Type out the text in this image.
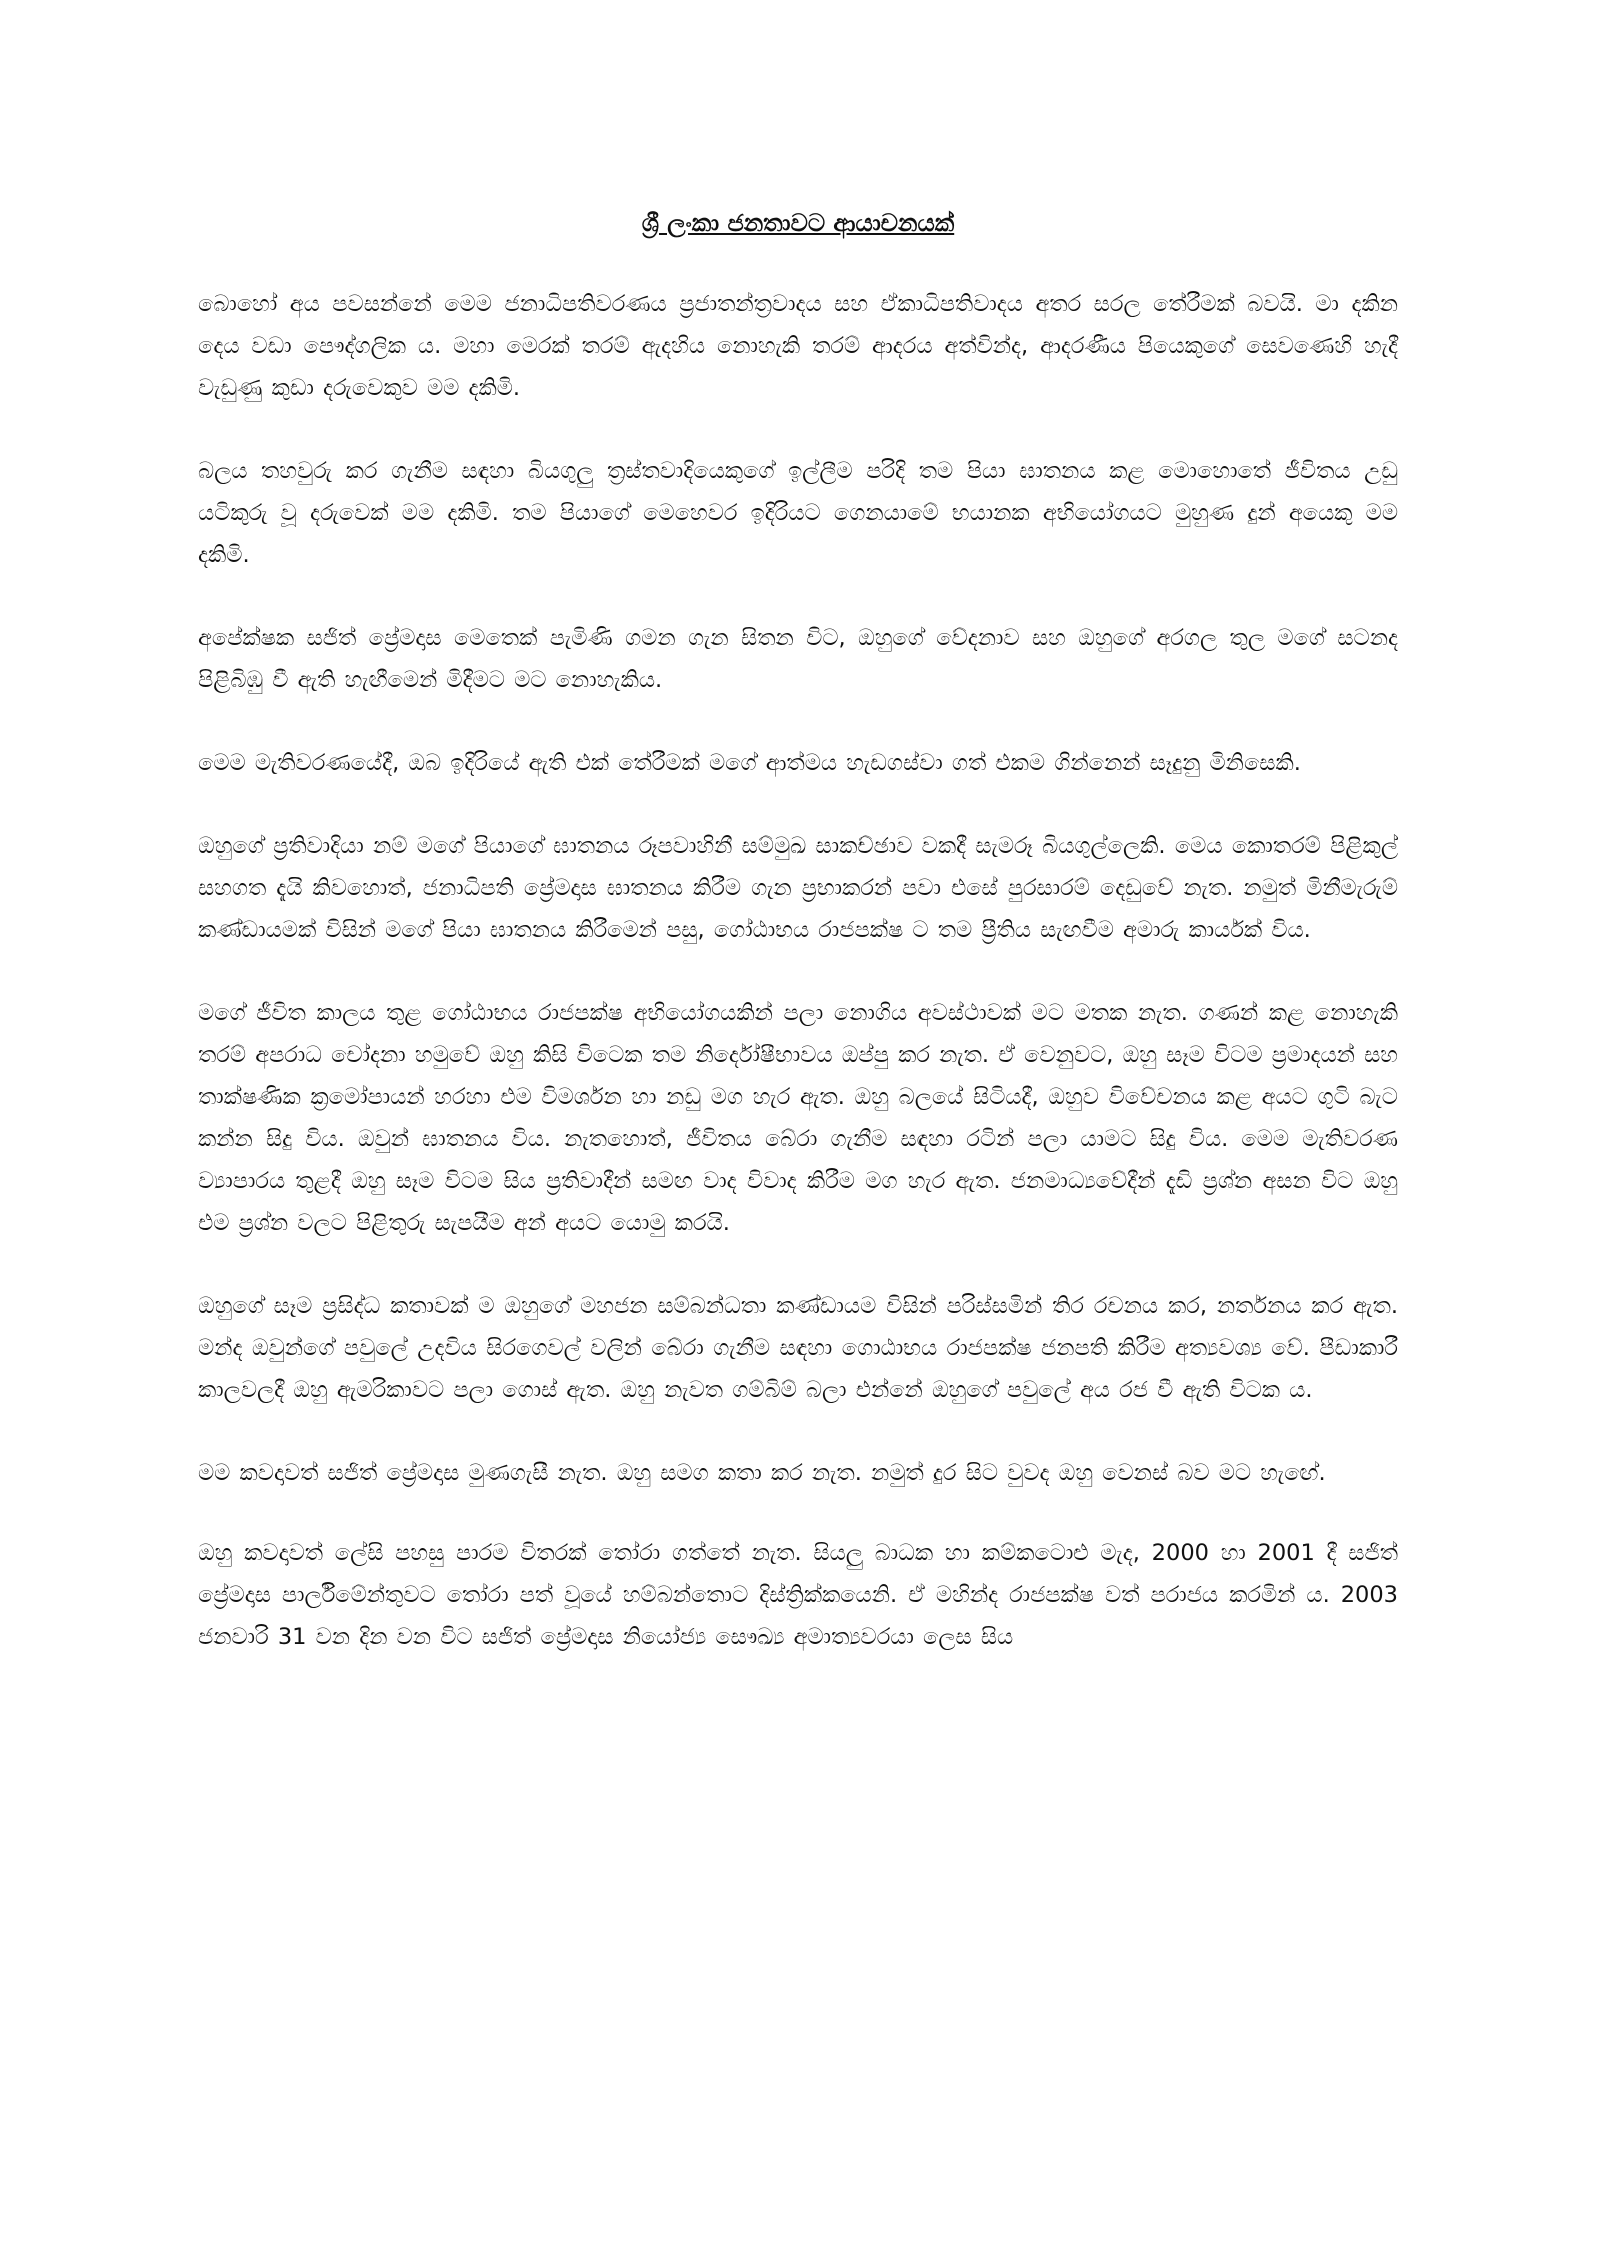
ශ්‍රී ලංකා ජනතාවට ආයාචනයක්

බොහෝ අය පවසන්නේ මෙම ජනාධිපතිවරණය ප්‍රජාතන්ත්‍රවාදය සහ ඒකාධිපතිවාදය අතර සරල තේරීමක් බවයි. මා දකින දෙය වඩා පෞද්ගලික ය. මහා මෙරක් තරම් ඇදහිය නොහැකි තරම් ආදරය අත්වින්ද, ආදරණීය පියෙකුගේ සෙවණෙහි හැදී වැඩුණු කුඩා දරුවෙකුව මම දකිමි.

බලය තහවුරු කර ගැනීම සඳහා බියගුලු ත්‍රස්තවාදියෙකුගේ ඉල්ලීම පරිදි තම පියා ඝාතනය කළ මොහොතේ ජීවිතය උඩු යටිකුරු වූ දරුවෙක් මම දකිමි. තම පියාගේ මෙහෙවර ඉදිරියට ගෙනයාමේ භයානක අභියෝගයට මුහුණ දුන් අයෙකු මම දකිමි.

අපේක්ෂක සජිත් ප්‍රේමදාස මෙතෙක් පැමිණි ගමන ගැන සිතන විට, ඔහුගේ වේදනාව සහ ඔහුගේ අරගල තුල මගේ සටනද පිළිබිඹු වී ඇති හැඟීමෙන් මිදීමට මට නොහැකිය.

මෙම මැතිවරණයේදී, ඔබ ඉදිරියේ ඇති එක් තේරීමක් මගේ ආත්මය හැඩගස්වා ගත් එකම ගින්නෙන් සෑදුනු මිනිසෙකි.

ඔහුගේ ප්‍රතිවාදියා නම් මගේ පියාගේ ඝාතනය රූපවාහිනී සම්මුඛ සාකච්ඡාව වකදී සැමරූ බියගුල්ලෙකි. මෙය කොතරම් පිළිකුල් සහගත දැයි කිවහොත්, ජනාධිපති ප්‍රේමදාස ඝාතනය කිරීම ගැන ප්‍රභාකරන් පවා එසේ පුරසාරම් දෙඩුවේ නැත. නමුත් මිනීමැරුම් කණ්ඩායමක් විසින් මගේ පියා ඝාතනය කිරීමෙන් පසු, ගෝඨාභය රාජපක්ෂ ට තම ප්‍රීතිය සැඟවීම අමාරු කාර්යක් විය.

මගේ ජීවිත කාලය තුළ ගෝඨාභය රාජපක්ෂ අභියෝගයකින් පලා නොගිය අවස්ථාවක් මට මතක නැත. ගණන් කළ නොහැකි තරම් අපරාධ චෝදනා හමුවේ ඔහු කිසි විටෙක තම නිර්දෝෂීභාවය ඔප්පු කර නැත. ඒ වෙනුවට, ඔහු සෑම විටම ප්‍රමාදයන් සහ තාක්ෂණික ක්‍රමෝපායන් හරහා එම විමර්ශන හා නඩු මග හැර ඇත. ඔහු බලයේ සිටියදී, ඔහුව විවේචනය කළ අයට ගුටි බැට කන්න සිදු විය. ඔවුන් ඝාතනය විය. නැතහොත්, ජීවිතය බේරා ගැනීම සඳහා රටින් පලා යාමට සිදු විය. මෙම මැතිවරණ ව්‍යාපාරය තුළදී ඔහු සෑම විටම සිය ප්‍රතිවාදීන් සමඟ වාද විවාද කිරීම මග හැර ඇත. ජනමාධ්‍යවේදීන් දැඩි ප්‍රශ්න අසන විට ඔහු එම ප්‍රශ්න වලට පිළිතුරු සැපයීම අන් අයට යොමු කරයි.

ඔහුගේ සෑම ප්‍රසිද්ධ කතාවක් ම ඔහුගේ මහජන සම්බන්ධතා කණ්ඩායම විසින් පරිස්සමින් තිර රචනය කර, නර්තනය කර ඇත. මන්ද ඔවුන්ගේ පවුලේ උදවිය සිරගෙවල් වලින් බේරා ගැනීම සඳහා ගොඨාභය රාජපක්ෂ ජනපති කිරීම අත්‍යවශ්‍ය වේ. පීඩාකාරී කාලවලදී ඔහු ඇමරිකාවට පලා ගොස් ඇත. ඔහු නැවත ගම්බිම් බලා එන්නේ ඔහුගේ පවුලේ අය රජ වී ඇති විටක ය.

මම කවදාවත් සජිත් ප්‍රේමදාස මුණගැසී නැත. ඔහු සමග කතා කර නැත. නමුත් දුර සිට වුවද ඔහු වෙනස් බව මට හැඟේ.

ඔහු කවදාවත් ලේසි පහසු පාරම විතරක් තෝරා ගත්තේ නැත. සියලු බාධක හා කම්කටොළු මැද, 2000 හා 2001 දී සජිත් ප්‍රේමදාස පාර්ලිමේන්තුවට තෝරා පත් වූයේ හම්බන්තොට දිස්ත්‍රික්කයෙනි. ඒ මහින්ද රාජපක්ෂ වත් පරාජය කරමින් ය. 2003 ජනවාරි 31 වන දින වන විට සජිත් ප්‍රේමදාස නියෝජ්‍ය සෞඛ්‍ය අමාත්‍යවරයා ලෙස සිය
